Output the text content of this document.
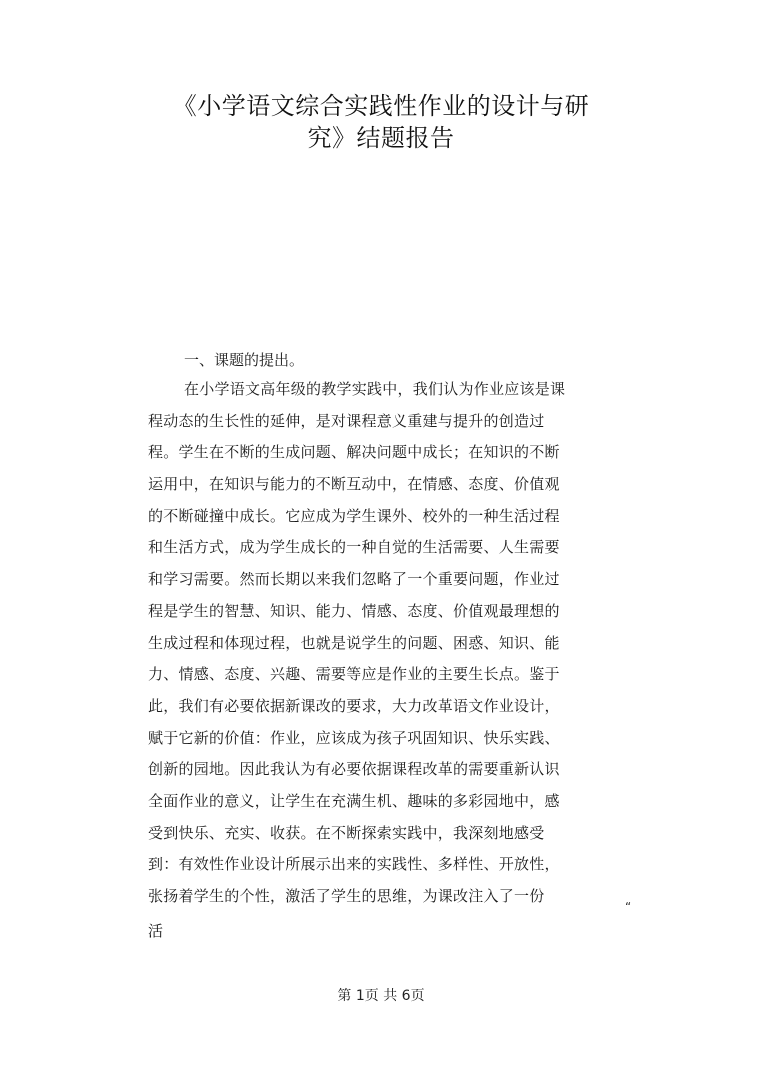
《小学语文综合实践性作业的设计与研
究》结题报告
一、课题的提出。
在小学语文高年级的教学实践中，我们认为作业应该是课
程动态的生长性的延伸，是对课程意义重建与提升的创造过
程。学生在不断的生成问题、解决问题中成长；在知识的不断
运用中，在知识与能力的不断互动中，在情感、态度、价值观
的不断碰撞中成长。它应成为学生课外、校外的一种生活过程
和生活方式，成为学生成长的一种自觉的生活需要、人生需要
和学习需要。然而长期以来我们忽略了一个重要问题，作业过
程是学生的智慧、知识、能力、情感、态度、价值观最理想的
生成过程和体现过程，也就是说学生的问题、困惑、知识、能
力、情感、态度、兴趣、需要等应是作业的主要生长点。鉴于
此，我们有必要依据新课改的要求，大力改革语文作业设计，
赋于它新的价值：作业，应该成为孩子巩固知识、快乐实践、
创新的园地。因此我认为有必要依据课程改革的需要重新认识
全面作业的意义，让学生在充满生机、趣味的多彩园地中，感
受到快乐、充实、收获。在不断探索实践中，我深刻地感受
到：有效性作业设计所展示出来的实践性、多样性、开放性，
张扬着学生的个性，激活了学生的思维，为课改注入了一份
“
活
第 1页 共 6页
